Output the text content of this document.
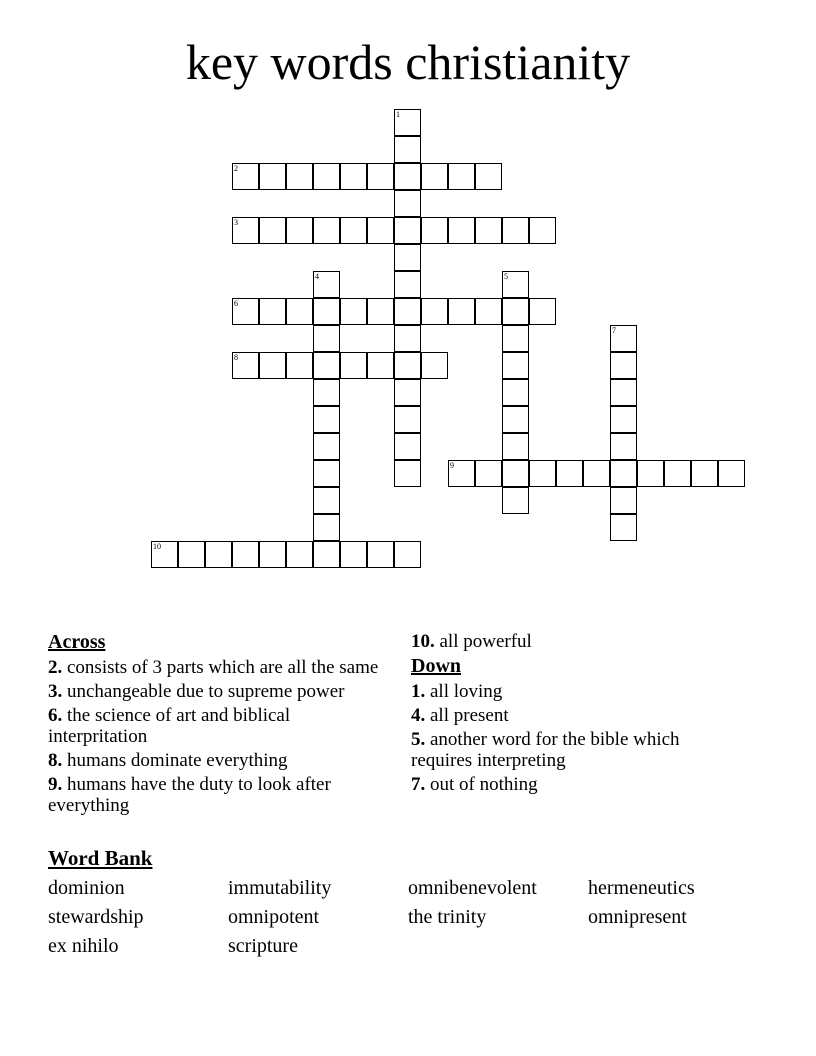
key words christianity
1
2
3
4	5
6
7
8
9
10
Across
2. consists of 3 parts which are all the same
3. unchangeable due to supreme power
6. the science of art and biblical interpritation
8. humans dominate everything
9. humans have the duty to look after everything
10. all powerful
Down
1. all loving
4. all present
5. another word for the bible which requires interpreting
7. out of nothing
Word Bank
dominion	immutability	omnibenevolent	hermeneutics
stewardship	omnipotent	the trinity	omnipresent
ex nihilo	scripture
